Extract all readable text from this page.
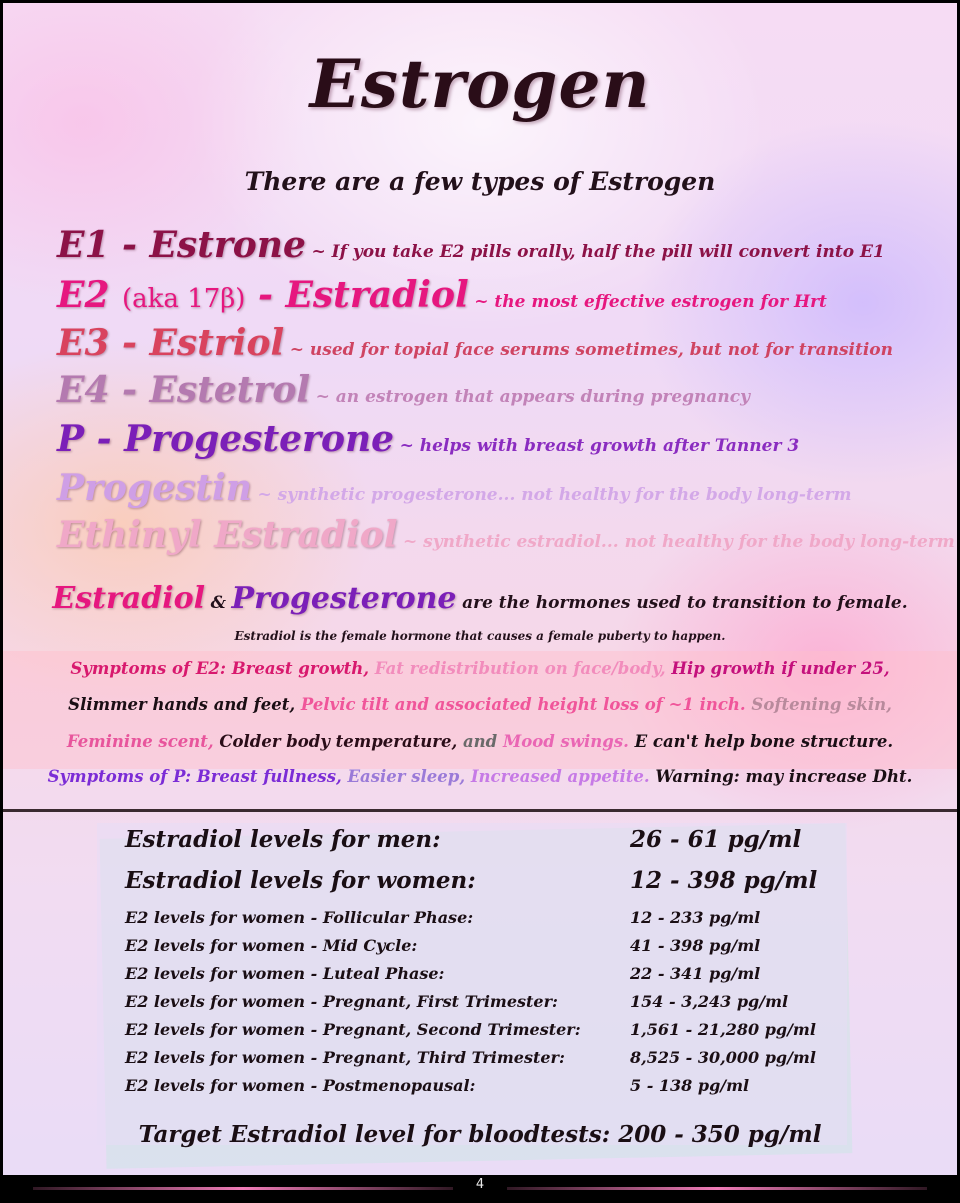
Estrogen
There are a few types of Estrogen
E1 - Estrone ~ If you take E2 pills orally, half the pill will convert into E1
E2 (aka 17β) - Estradiol ~ the most effective estrogen for Hrt
E3 - Estriol ~ used for topial face serums sometimes, but not for transition
E4 - Estetrol ~ an estrogen that appears during pregnancy
P - Progesterone ~ helps with breast growth after Tanner 3
Progestin ~ synthetic progesterone... not healthy for the body long-term
Ethinyl Estradiol ~ synthetic estradiol... not healthy for the body long-term
Estradiol & Progesterone are the hormones used to transition to female.
Estradiol is the female hormone that causes a female puberty to happen.
Symptoms of E2: Breast growth, Fat redistribution on face/body, Hip growth if under 25,
Slimmer hands and feet, Pelvic tilt and associated height loss of ~1 inch. Softening skin,
Feminine scent, Colder body temperature, and Mood swings. E can't help bone structure.
Symptoms of P: Breast fullness, Easier sleep, Increased appetite. Warning: may increase Dht.
Estradiol levels for men:	26 - 61 pg/ml
Estradiol levels for women:	12 - 398 pg/ml
E2 levels for women - Follicular Phase:	12 - 233 pg/ml
E2 levels for women - Mid Cycle:	41 - 398 pg/ml
E2 levels for women - Luteal Phase:	22 - 341 pg/ml
E2 levels for women - Pregnant, First Trimester:	154 - 3,243 pg/ml
E2 levels for women - Pregnant, Second Trimester:	1,561 - 21,280 pg/ml
E2 levels for women - Pregnant, Third Trimester:	8,525 - 30,000 pg/ml
E2 levels for women - Postmenopausal:	5 - 138 pg/ml
Target Estradiol level for bloodtests: 200 - 350 pg/ml
4
